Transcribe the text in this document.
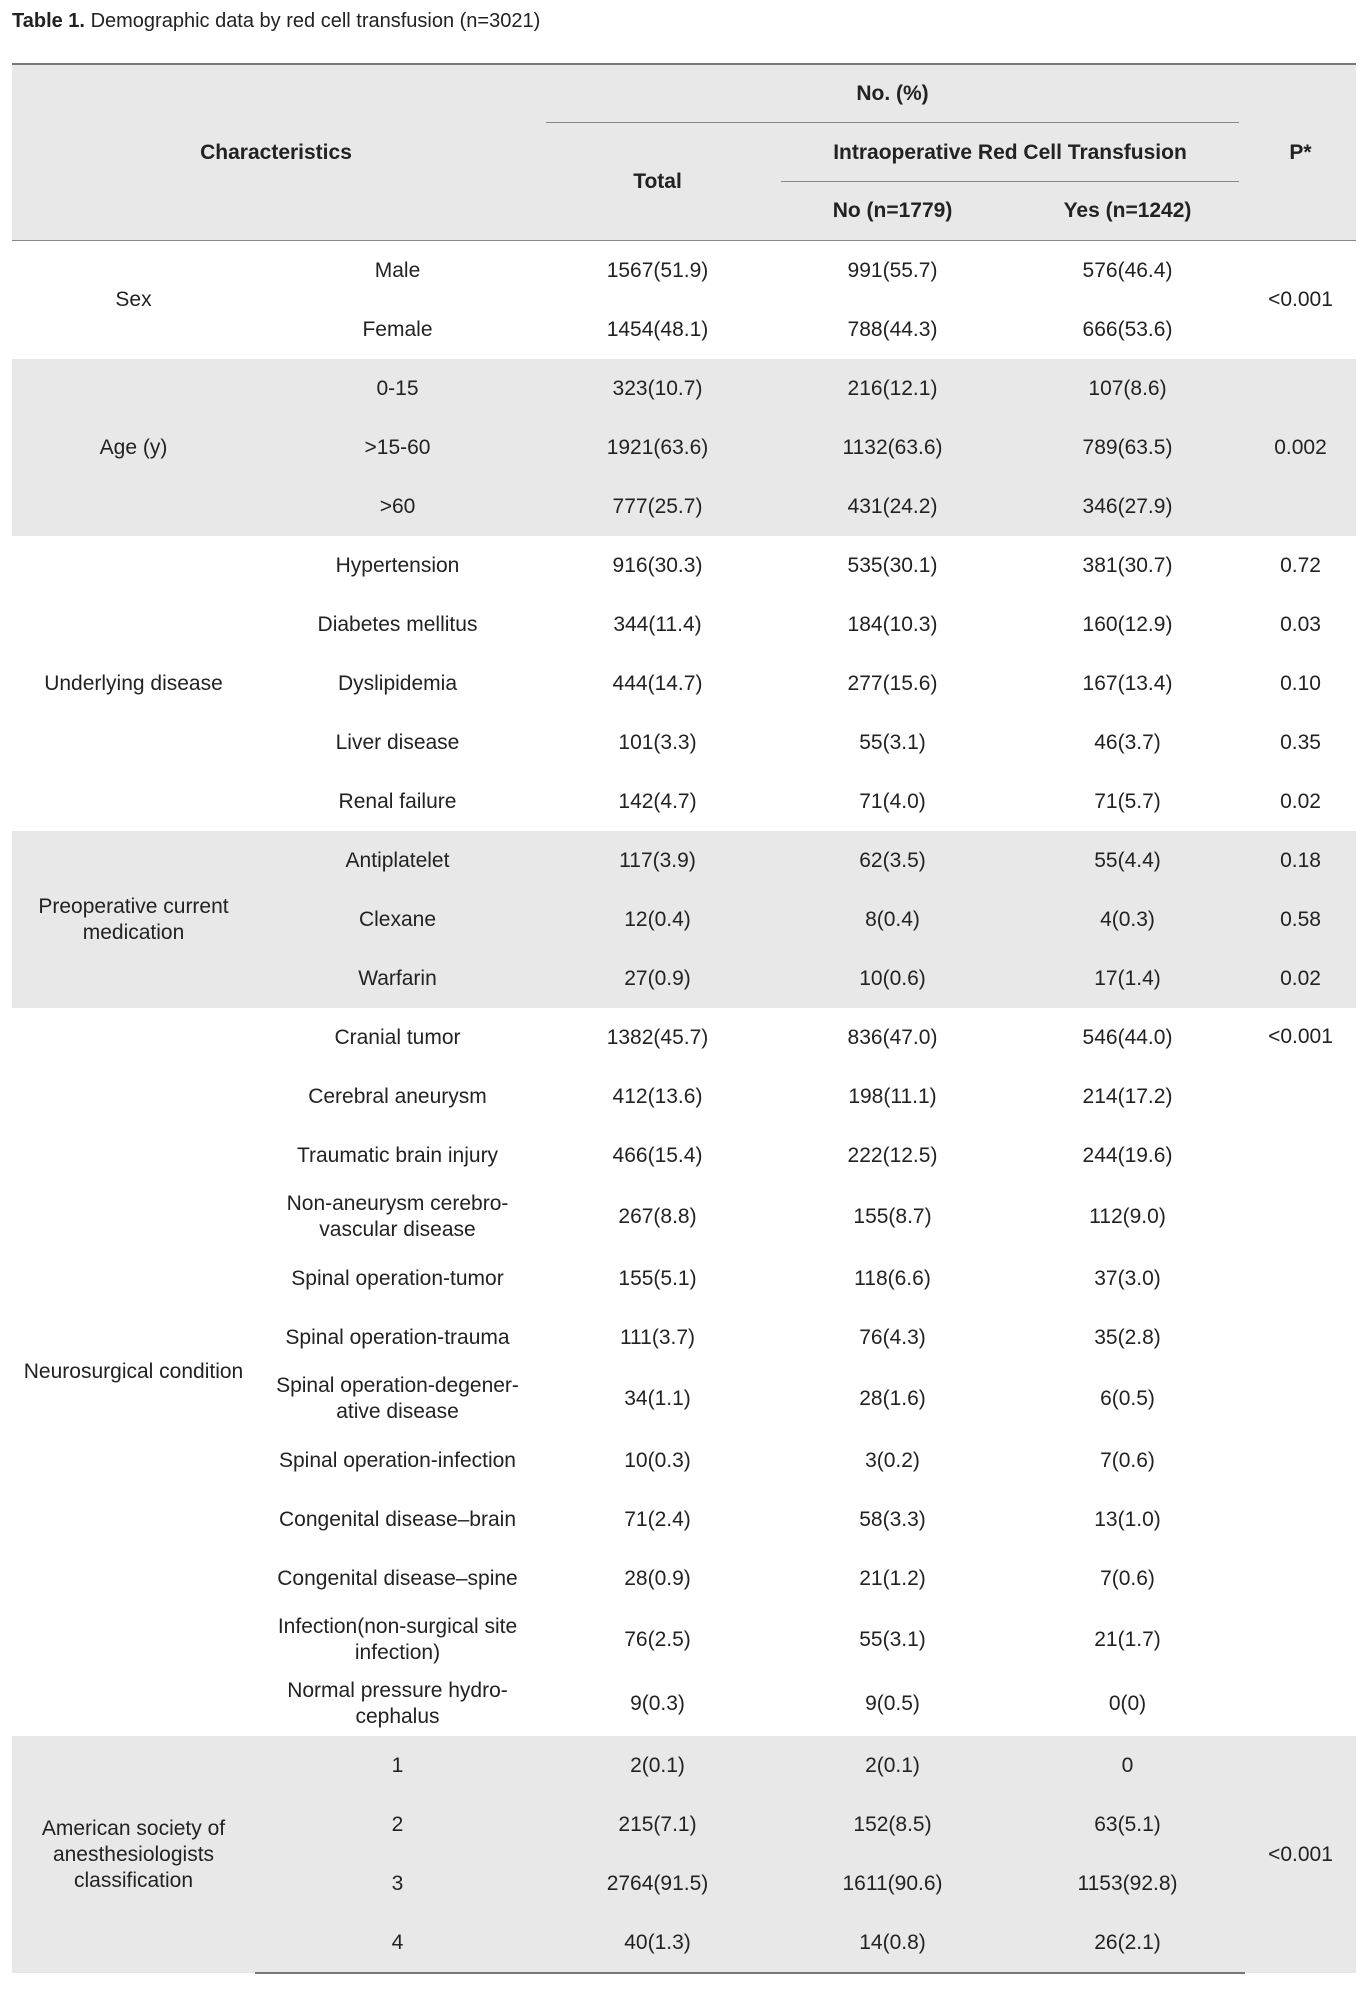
Table 1. Demographic data by red cell transfusion (n=3021)
Characteristics		No. (%)			P*
		Total	Intraoperative Red Cell Transfusion		
			No (n=1779)	Yes (n=1242)	
Sex	Male	1567(51.9)	991(55.7)	576(46.4)	<0.001
	Female	1454(48.1)	788(44.3)	666(53.6)	
Age (y)	0-15	323(10.7)	216(12.1)	107(8.6)	0.002
	>15-60	1921(63.6)	1132(63.6)	789(63.5)	
	>60	777(25.7)	431(24.2)	346(27.9)	
Underlying disease	Hypertension	916(30.3)	535(30.1)	381(30.7)	0.72
	Diabetes mellitus	344(11.4)	184(10.3)	160(12.9)	0.03
	Dyslipidemia	444(14.7)	277(15.6)	167(13.4)	0.10
	Liver disease	101(3.3)	55(3.1)	46(3.7)	0.35
	Renal failure	142(4.7)	71(4.0)	71(5.7)	0.02
Preoperative current medication	Antiplatelet	117(3.9)	62(3.5)	55(4.4)	0.18
	Clexane	12(0.4)	8(0.4)	4(0.3)	0.58
	Warfarin	27(0.9)	10(0.6)	17(1.4)	0.02
Neurosurgical condition	Cranial tumor	1382(45.7)	836(47.0)	546(44.0)	<0.001
	Cerebral aneurysm	412(13.6)	198(11.1)	214(17.2)	
	Traumatic brain injury	466(15.4)	222(12.5)	244(19.6)	
	Non-aneurysm cerebro-vascular disease	267(8.8)	155(8.7)	112(9.0)	
	Spinal operation-tumor	155(5.1)	118(6.6)	37(3.0)	
	Spinal operation-trauma	111(3.7)	76(4.3)	35(2.8)	
	Spinal operation-degener-ative disease	34(1.1)	28(1.6)	6(0.5)	
	Spinal operation-infection	10(0.3)	3(0.2)	7(0.6)	
	Congenital disease–brain	71(2.4)	58(3.3)	13(1.0)	
	Congenital disease–spine	28(0.9)	21(1.2)	7(0.6)	
	Infection(non-surgical site infection)	76(2.5)	55(3.1)	21(1.7)	
	Normal pressure hydro-cephalus	9(0.3)	9(0.5)	0(0)	
American society of anesthesiologists classification	1	2(0.1)	2(0.1)	0	<0.001
	2	215(7.1)	152(8.5)	63(5.1)	
	3	2764(91.5)	1611(90.6)	1153(92.8)	
	4	40(1.3)	14(0.8)	26(2.1)	
